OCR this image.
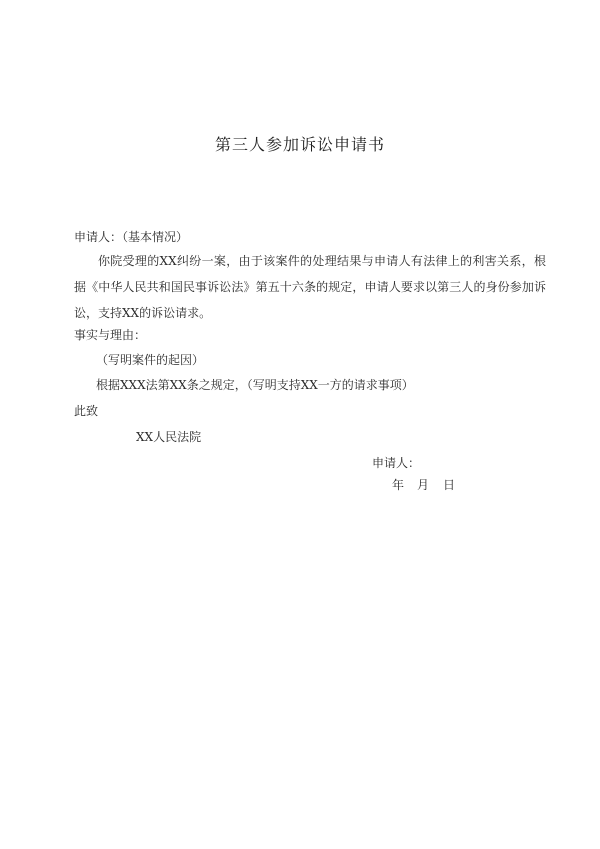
第三人参加诉讼申请书
申请人：（基本情况）
你院受理的XX纠纷一案，由于该案件的处理结果与申请人有法律上的利害关系，根据《中华人民共和国民事诉讼法》第五十六条的规定，申请人要求以第三人的身份参加诉讼，支持XX的诉讼请求。
事实与理由：
（写明案件的起因）
根据XXX法第XX条之规定，（写明支持XX一方的请求事项）
此致
XX人民法院
申请人：
年 月 日
